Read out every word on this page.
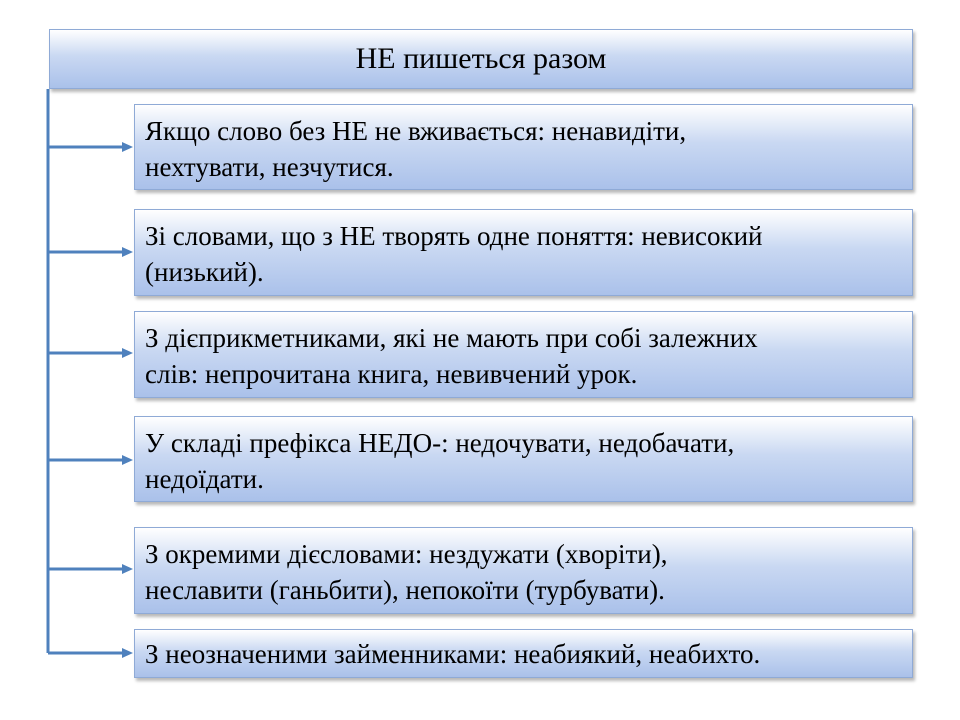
НЕ пишеться разом
Якщо слово без НЕ не вживається: ненавидіти,
нехтувати, незчутися.
Зі словами, що з НЕ творять одне поняття: невисокий
(низький).
З дієприкметниками, які не мають при собі залежних
слів: непрочитана книга, невивчений урок.
У складі префікса НЕДО-: недочувати, недобачати,
недоїдати.
З окремими дієсловами: нездужати (хворіти),
неславити (ганьбити), непокоїти (турбувати).
З неозначеними займенниками: неабиякий, неабихто.
